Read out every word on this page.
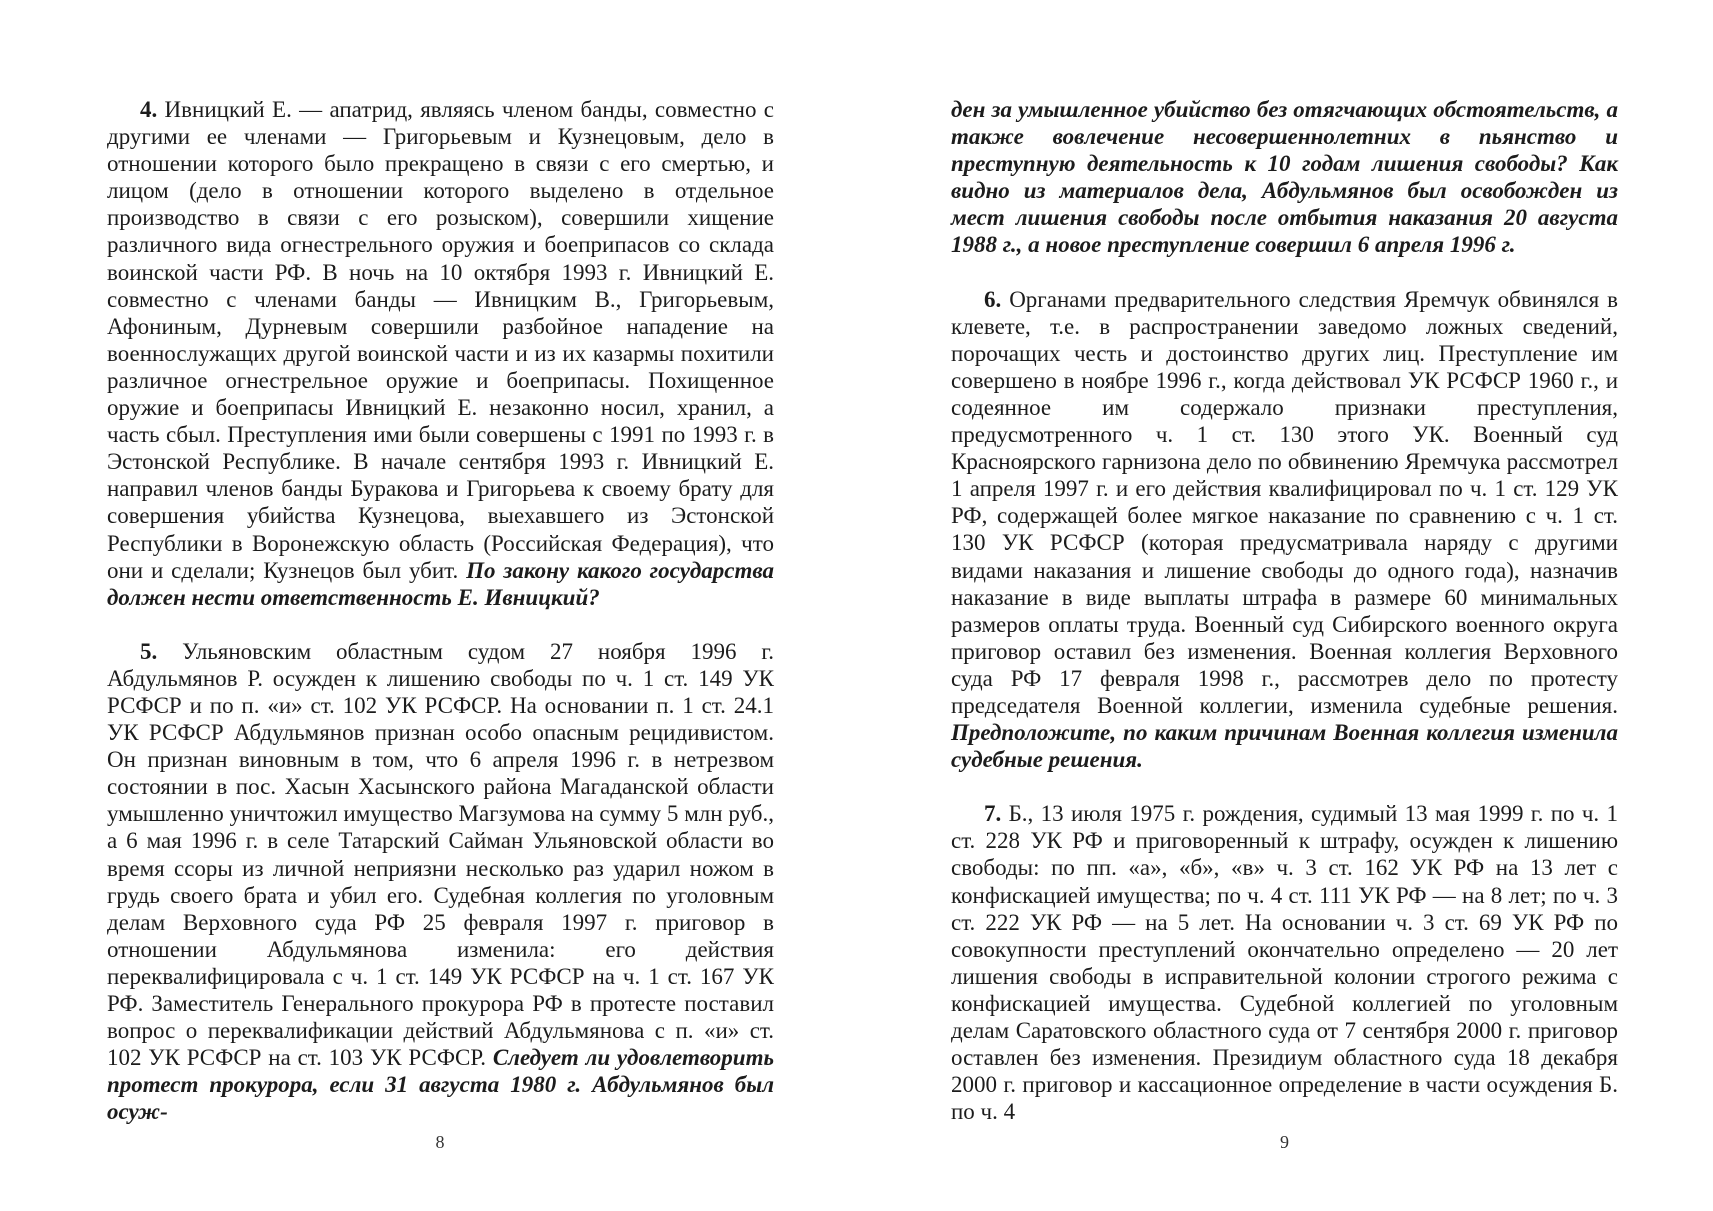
4. Ивницкий Е. — апатрид, являясь членом банды, совместно с другими ее членами — Григорьевым и Кузнецовым, дело в отношении которого было прекращено в связи с его смертью, и лицом (дело в отношении которого выделено в отдельное производство в связи с его розыском), совершили хищение различного вида огнестрельного оружия и боеприпасов со склада воинской части РФ. В ночь на 10 октября 1993 г. Ивницкий Е. совместно с членами банды — Ивницким В., Григорьевым, Афониным, Дурневым совершили разбойное нападение на военнослужащих другой воинской части и из их казармы похитили различное огнестрельное оружие и боеприпасы. Похищенное оружие и боеприпасы Ивницкий Е. незаконно носил, хранил, а часть сбыл. Преступления ими были совершены с 1991 по 1993 г. в Эстонской Республике. В начале сентября 1993 г. Ивницкий Е. направил членов банды Буракова и Григорьева к своему брату для совершения убийства Кузнецова, выехавшего из Эстонской Республики в Воронежскую область (Российская Федерация), что они и сделали; Кузнецов был убит. По закону какого государства должен нести ответственность Е. Ивницкий?

5. Ульяновским областным судом 27 ноября 1996 г. Абдульмянов Р. осужден к лишению свободы по ч. 1 ст. 149 УК РСФСР и по п. «и» ст. 102 УК РСФСР. На основании п. 1 ст. 24.1 УК РСФСР Абдульмянов признан особо опасным рецидивистом. Он признан виновным в том, что 6 апреля 1996 г. в нетрезвом состоянии в пос. Хасын Хасынского района Магаданской области умышленно уничтожил имущество Магзумова на сумму 5 млн руб., а 6 мая 1996 г. в селе Татарский Сайман Ульяновской области во время ссоры из личной неприязни несколько раз ударил ножом в грудь своего брата и убил его. Судебная коллегия по уголовным делам Верховного суда РФ 25 февраля 1997 г. приговор в отношении Абдульмянова изменила: его действия переквалифицировала с ч. 1 ст. 149 УК РСФСР на ч. 1 ст. 167 УК РФ. Заместитель Генерального прокурора РФ в протесте поставил вопрос о переквалификации действий Абдульмянова с п. «и» ст. 102 УК РСФСР на ст. 103 УК РСФСР. Следует ли удовлетворить протест прокурора, если 31 августа 1980 г. Абдульмянов был осуж-

8

ден за умышленное убийство без отягчающих обстоятельств, а также вовлечение несовершеннолетних в пьянство и преступную деятельность к 10 годам лишения свободы? Как видно из материалов дела, Абдульмянов был освобожден из мест лишения свободы после отбытия наказания 20 августа 1988 г., а новое преступление совершил 6 апреля 1996 г.

6. Органами предварительного следствия Яремчук обвинялся в клевете, т.е. в распространении заведомо ложных сведений, порочащих честь и достоинство других лиц. Преступление им совершено в ноябре 1996 г., когда действовал УК РСФСР 1960 г., и содеянное им содержало признаки преступления, предусмотренного ч. 1 ст. 130 этого УК. Военный суд Красноярского гарнизона дело по обвинению Яремчука рассмотрел 1 апреля 1997 г. и его действия квалифицировал по ч. 1 ст. 129 УК РФ, содержащей более мягкое наказание по сравнению с ч. 1 ст. 130 УК РСФСР (которая предусматривала наряду с другими видами наказания и лишение свободы до одного года), назначив наказание в виде выплаты штрафа в размере 60 минимальных размеров оплаты труда. Военный суд Сибирского военного округа приговор оставил без изменения. Военная коллегия Верховного суда РФ 17 февраля 1998 г., рассмотрев дело по протесту председателя Военной коллегии, изменила судебные решения. Предположите, по каким причинам Военная коллегия изменила судебные решения.

7. Б., 13 июля 1975 г. рождения, судимый 13 мая 1999 г. по ч. 1 ст. 228 УК РФ и приговоренный к штрафу, осужден к лишению свободы: по пп. «а», «б», «в» ч. 3 ст. 162 УК РФ на 13 лет с конфискацией имущества; по ч. 4 ст. 111 УК РФ — на 8 лет; по ч. 3 ст. 222 УК РФ — на 5 лет. На основании ч. 3 ст. 69 УК РФ по совокупности преступлений окончательно определено — 20 лет лишения свободы в исправительной колонии строгого режима с конфискацией имущества. Судебной коллегией по уголовным делам Саратовского областного суда от 7 сентября 2000 г. приговор оставлен без изменения. Президиум областного суда 18 декабря 2000 г. приговор и кассационное определение в части осуждения Б. по ч. 4

9
